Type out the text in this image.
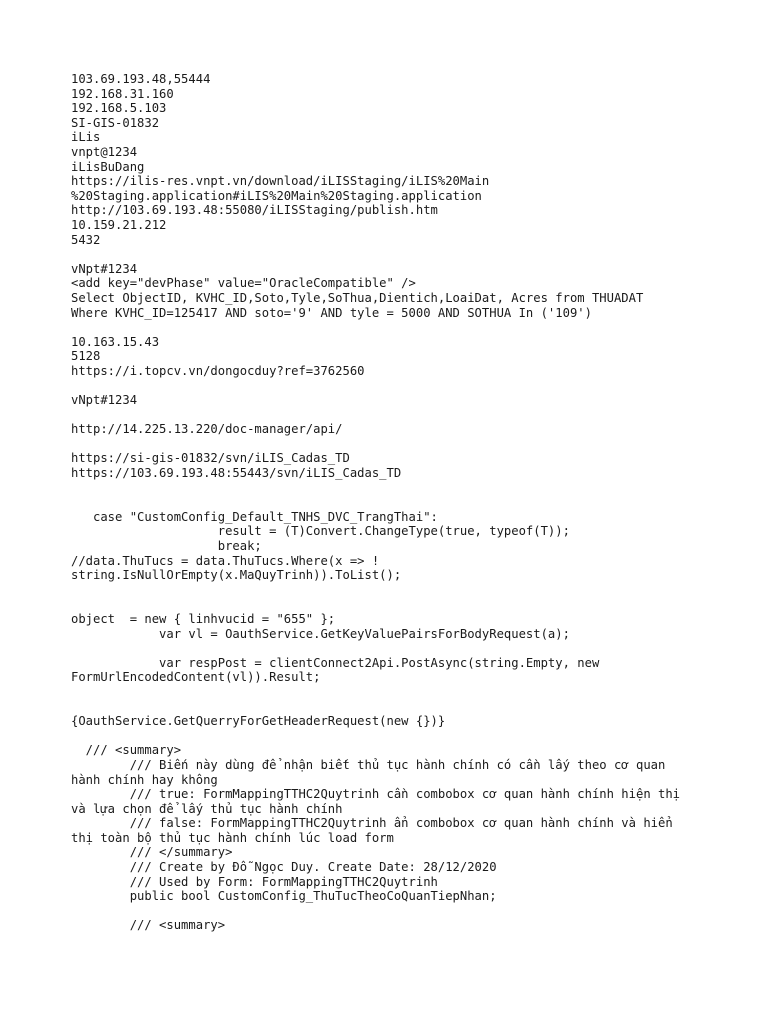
103.69.193.48,55444
192.168.31.160
192.168.5.103
SI-GIS-01832
iLis
vnpt@1234
iLisBuDang
https://ilis-res.vnpt.vn/download/iLISStaging/iLIS%20Main
%20Staging.application#iLIS%20Main%20Staging.application
http://103.69.193.48:55080/iLISStaging/publish.htm
10.159.21.212
5432
vNpt#1234
<add key="devPhase" value="OracleCompatible" />
Select ObjectID, KVHC_ID,Soto,Tyle,SoThua,Dientich,LoaiDat, Acres from THUADAT
Where KVHC_ID=125417 AND soto='9' AND tyle = 5000 AND SOTHUA In ('109')
10.163.15.43
5128
https://i.topcv.vn/dongocduy?ref=3762560
vNpt#1234
http://14.225.13.220/doc-manager/api/
https://si-gis-01832/svn/iLIS_Cadas_TD
https://103.69.193.48:55443/svn/iLIS_Cadas_TD
case "CustomConfig_Default_TNHS_DVC_TrangThai":
result = (T)Convert.ChangeType(true, typeof(T));
break;
//data.ThuTucs = data.ThuTucs.Where(x => !
string.IsNullOrEmpty(x.MaQuyTrinh)).ToList();
object  = new { linhvucid = "655" };
var vl = OauthService.GetKeyValuePairsForBodyRequest(a);
var respPost = clientConnect2Api.PostAsync(string.Empty, new
FormUrlEncodedContent(vl)).Result;
{OauthService.GetQuerryForGetHeaderRequest(new {})}
/// <summary>
/// Biến này dùng để nhận biết thủ tục hành chính có cần lấy theo cơ quan
hành chính hay không
/// true: FormMappingTTHC2Quytrinh cần combobox cơ quan hành chính hiện thị
và lựa chọn để lấy thủ tục hành chính
/// false: FormMappingTTHC2Quytrinh ẩn combobox cơ quan hành chính và hiển
thị toàn bộ thủ tục hành chính lúc load form
/// </summary>
/// Create by Đỗ Ngọc Duy. Create Date: 28/12/2020
/// Used by Form: FormMappingTTHC2Quytrinh
public bool CustomConfig_ThuTucTheoCoQuanTiepNhan;
/// <summary>
